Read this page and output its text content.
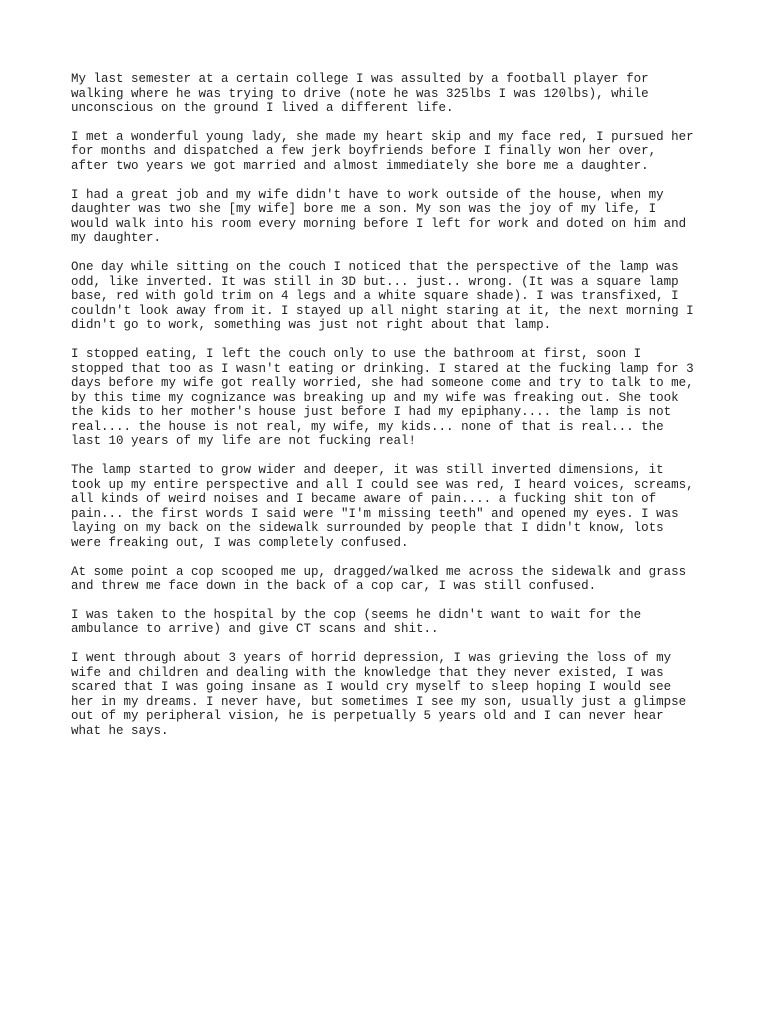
My last semester at a certain college I was assulted by a football player for
walking where he was trying to drive (note he was 325lbs I was 120lbs), while
unconscious on the ground I lived a different life.

I met a wonderful young lady, she made my heart skip and my face red, I pursued her
for months and dispatched a few jerk boyfriends before I finally won her over,
after two years we got married and almost immediately she bore me a daughter.

I had a great job and my wife didn't have to work outside of the house, when my
daughter was two she [my wife] bore me a son. My son was the joy of my life, I
would walk into his room every morning before I left for work and doted on him and
my daughter.

One day while sitting on the couch I noticed that the perspective of the lamp was
odd, like inverted. It was still in 3D but... just.. wrong. (It was a square lamp
base, red with gold trim on 4 legs and a white square shade). I was transfixed, I
couldn't look away from it. I stayed up all night staring at it, the next morning I
didn't go to work, something was just not right about that lamp.

I stopped eating, I left the couch only to use the bathroom at first, soon I
stopped that too as I wasn't eating or drinking. I stared at the fucking lamp for 3
days before my wife got really worried, she had someone come and try to talk to me,
by this time my cognizance was breaking up and my wife was freaking out. She took
the kids to her mother's house just before I had my epiphany.... the lamp is not
real.... the house is not real, my wife, my kids... none of that is real... the
last 10 years of my life are not fucking real!

The lamp started to grow wider and deeper, it was still inverted dimensions, it
took up my entire perspective and all I could see was red, I heard voices, screams,
all kinds of weird noises and I became aware of pain.... a fucking shit ton of
pain... the first words I said were "I'm missing teeth" and opened my eyes. I was
laying on my back on the sidewalk surrounded by people that I didn't know, lots
were freaking out, I was completely confused.

At some point a cop scooped me up, dragged/walked me across the sidewalk and grass
and threw me face down in the back of a cop car, I was still confused.

I was taken to the hospital by the cop (seems he didn't want to wait for the
ambulance to arrive) and give CT scans and shit..

I went through about 3 years of horrid depression, I was grieving the loss of my
wife and children and dealing with the knowledge that they never existed, I was
scared that I was going insane as I would cry myself to sleep hoping I would see
her in my dreams. I never have, but sometimes I see my son, usually just a glimpse
out of my peripheral vision, he is perpetually 5 years old and I can never hear
what he says.
